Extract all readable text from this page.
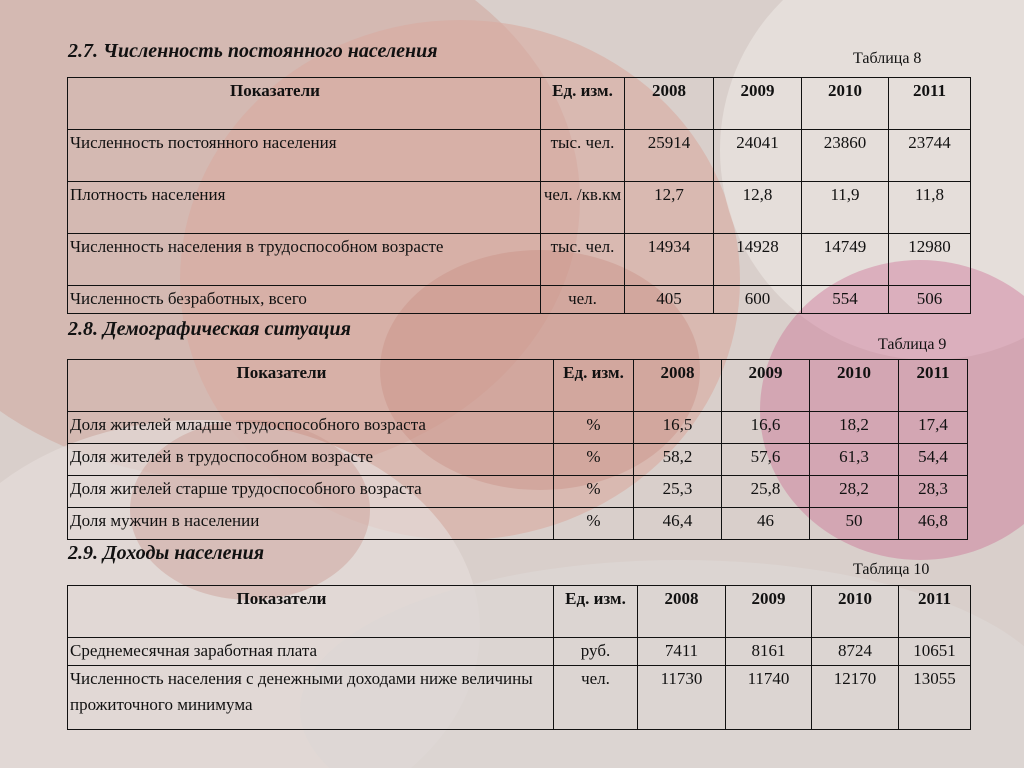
2.7. Численность постоянного населения	Таблица 8
Показатели	Ед. изм.	2008	2009	2010	2011
Численность постоянного населения	тыс. чел.	25914	24041	23860	23744
Плотность населения	чел. /кв.км	12,7	12,8	11,9	11,8
Численность населения в трудоспособном возрасте	тыс. чел.	14934	14928	14749	12980
Численность безработных, всего	чел.	405	600	554	506
2.8. Демографическая ситуация
Таблица 9
Показатели	Ед. изм.	2008	2009	2010	2011
Доля жителей младше трудоспособного возраста	%	16,5	16,6	18,2	17,4
Доля жителей в трудоспособном возрасте	%	58,2	57,6	61,3	54,4
Доля жителей старше трудоспособного возраста	%	25,3	25,8	28,2	28,3
Доля мужчин в населении	%	46,4	46	50	46,8
2.9. Доходы населения
Таблица 10
Показатели	Ед. изм.	2008	2009	2010	2011
Среднемесячная заработная плата	руб.	7411	8161	8724	10651
Численность населения с денежными доходами ниже величины прожиточного минимума	чел.	11730	11740	12170	13055
